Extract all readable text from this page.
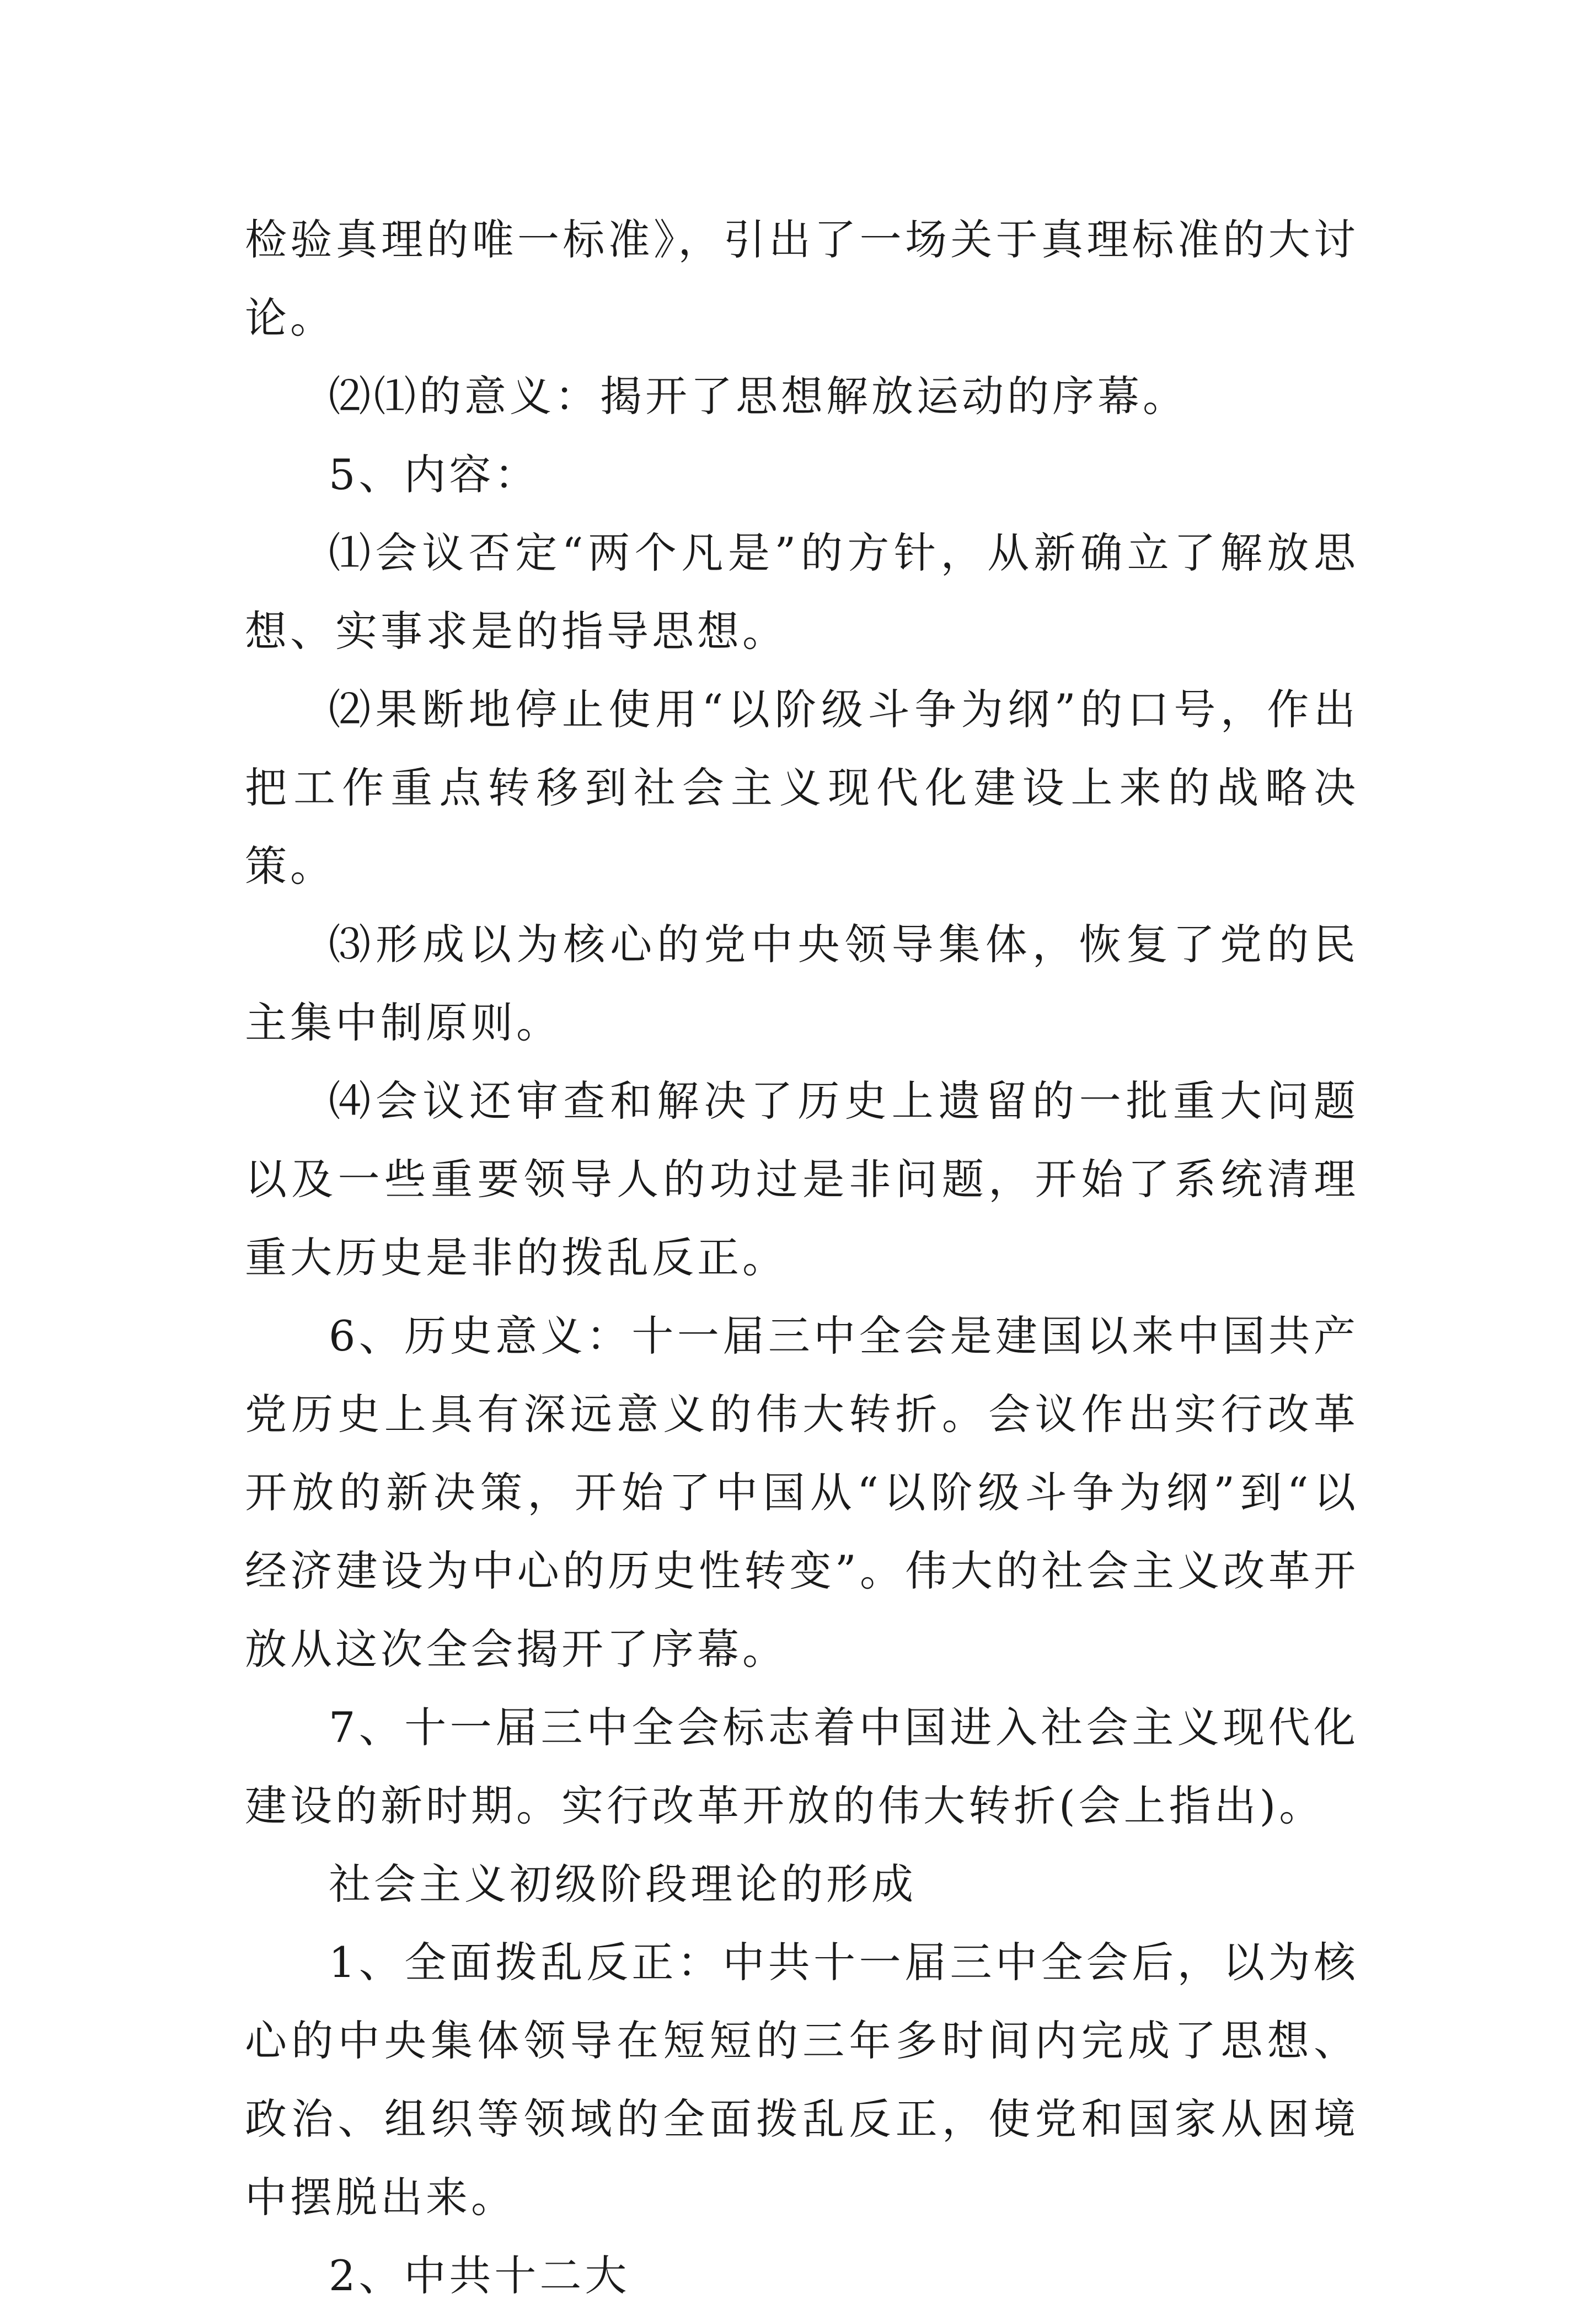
检验真理的唯一标准》，引出了一场关于真理标准的大讨论。

⑵⑴的意义：揭开了思想解放运动的序幕。

5、内容：

⑴会议否定“两个凡是”的方针，从新确立了解放思想、实事求是的指导思想。

⑵果断地停止使用“以阶级斗争为纲”的口号，作出把工作重点转移到社会主义现代化建设上来的战略决策。

⑶形成以为核心的党中央领导集体，恢复了党的民主集中制原则。

⑷会议还审查和解决了历史上遗留的一批重大问题以及一些重要领导人的功过是非问题，开始了系统清理重大历史是非的拨乱反正。

6、历史意义：十一届三中全会是建国以来中国共产党历史上具有深远意义的伟大转折。会议作出实行改革开放的新决策，开始了中国从“以阶级斗争为纲”到“以经济建设为中心的历史性转变”。伟大的社会主义改革开放从这次全会揭开了序幕。

7、十一届三中全会标志着中国进入社会主义现代化建设的新时期。实行改革开放的伟大转折(会上指出)。

社会主义初级阶段理论的形成

1、全面拨乱反正：中共十一届三中全会后，以为核心的中央集体领导在短短的三年多时间内完成了思想、政治、组织等领域的全面拨乱反正，使党和国家从困境中摆脱出来。

2、中共十二大
